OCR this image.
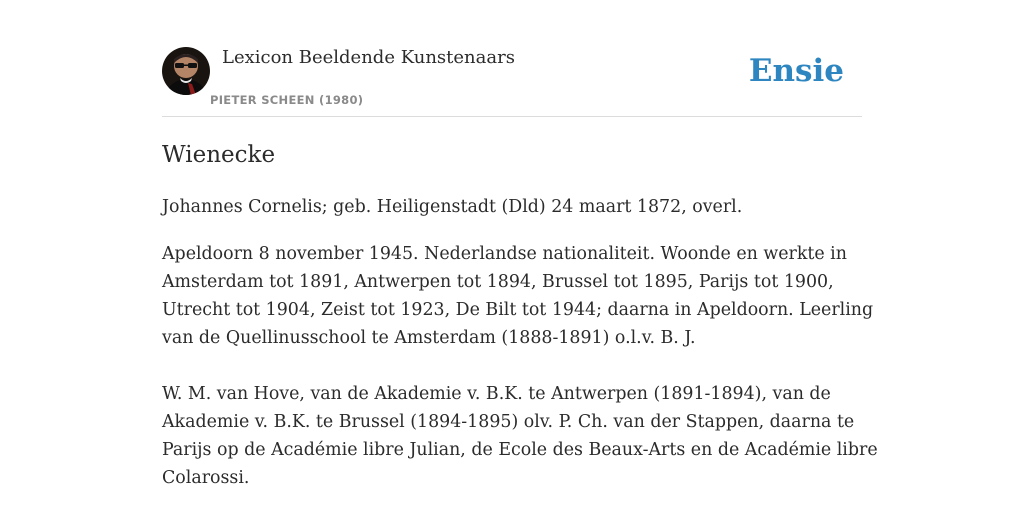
Lexicon Beeldende Kunstenaars
PIETER SCHEEN (1980)
Ensie
Wienecke
Johannes Cornelis; geb. Heiligenstadt (Dld) 24 maart 1872, overl.
Apeldoorn 8 november 1945. Nederlandse nationaliteit. Woonde en werkte in
Amsterdam tot 1891, Antwerpen tot 1894, Brussel tot 1895, Parijs tot 1900,
Utrecht tot 1904, Zeist tot 1923, De Bilt tot 1944; daarna in Apeldoorn. Leerling
van de Quellinusschool te Amsterdam (1888-1891) o.l.v. B. J.
W. M. van Hove, van de Akademie v. B.K. te Antwerpen (1891-1894), van de
Akademie v. B.K. te Brussel (1894-1895) olv. P. Ch. van der Stappen, daarna te
Parijs op de Académie libre Julian, de Ecole des Beaux-Arts en de Académie libre
Colarossi.
